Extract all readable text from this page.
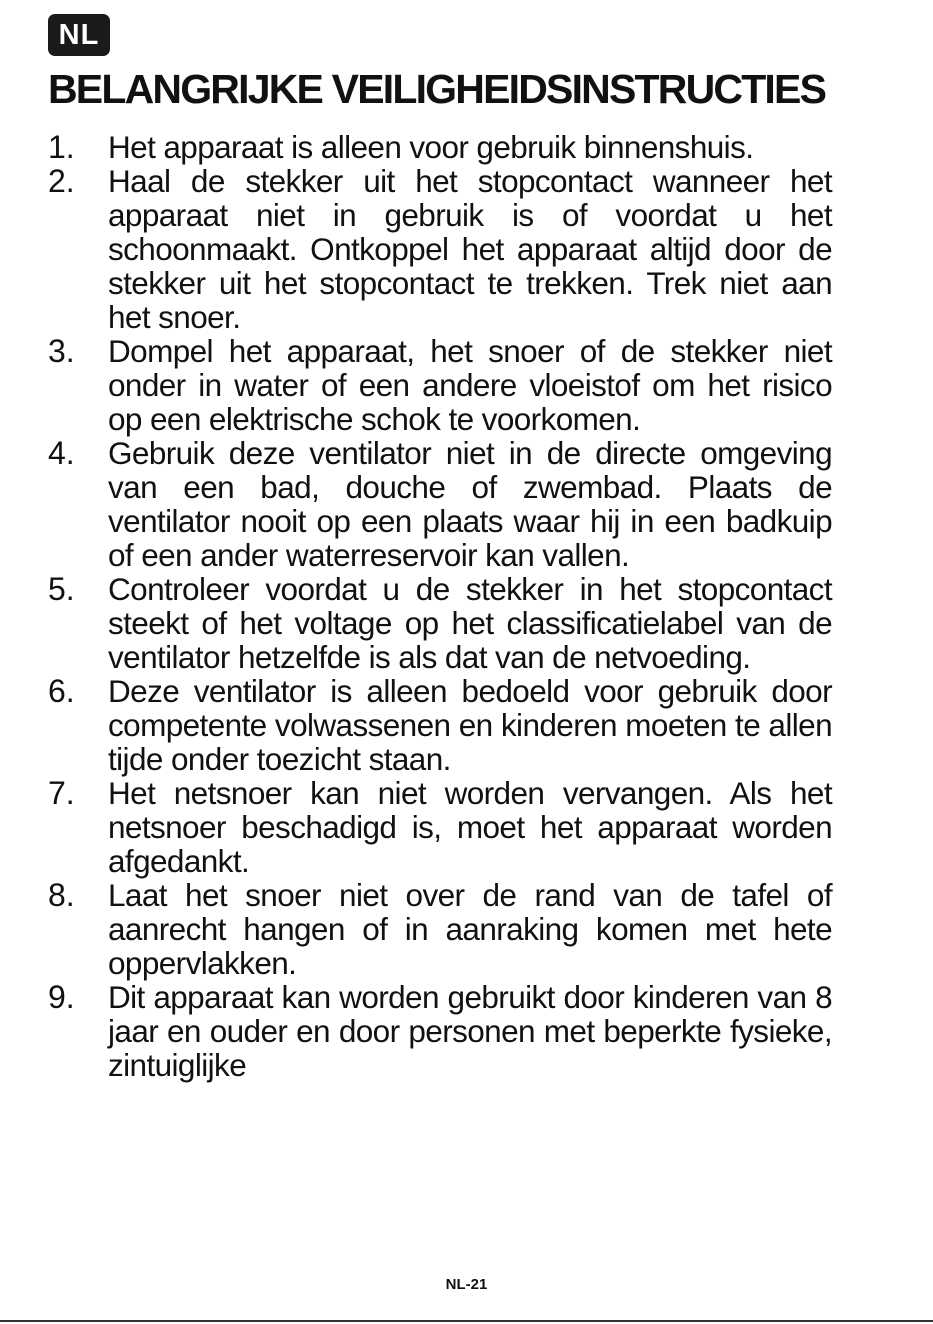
NL
BELANGRIJKE VEILIGHEIDSINSTRUCTIES
1. Het apparaat is alleen voor gebruik binnenshuis.
2. Haal de stekker uit het stopcontact wanneer het apparaat niet in gebruik is of voordat u het schoonmaakt. Ontkoppel het apparaat altijd door de stekker uit het stopcontact te trekken. Trek niet aan het snoer.
3. Dompel het apparaat, het snoer of de stekker niet onder in water of een andere vloeistof om het risico op een elektrische schok te voorkomen.
4. Gebruik deze ventilator niet in de directe omgeving van een bad, douche of zwembad. Plaats de ventilator nooit op een plaats waar hij in een badkuip of een ander waterreservoir kan vallen.
5. Controleer voordat u de stekker in het stopcontact steekt of het voltage op het classificatielabel van de ventilator hetzelfde is als dat van de netvoeding.
6. Deze ventilator is alleen bedoeld voor gebruik door competente volwassenen en kinderen moeten te allen tijde onder toezicht staan.
7. Het netsnoer kan niet worden vervangen. Als het netsnoer beschadigd is, moet het apparaat worden afgedankt.
8. Laat het snoer niet over de rand van de tafel of aanrecht hangen of in aanraking komen met hete oppervlakken.
9. Dit apparaat kan worden gebruikt door kinderen van 8 jaar en ouder en door personen met beperkte fysieke, zintuiglijke
NL-21
